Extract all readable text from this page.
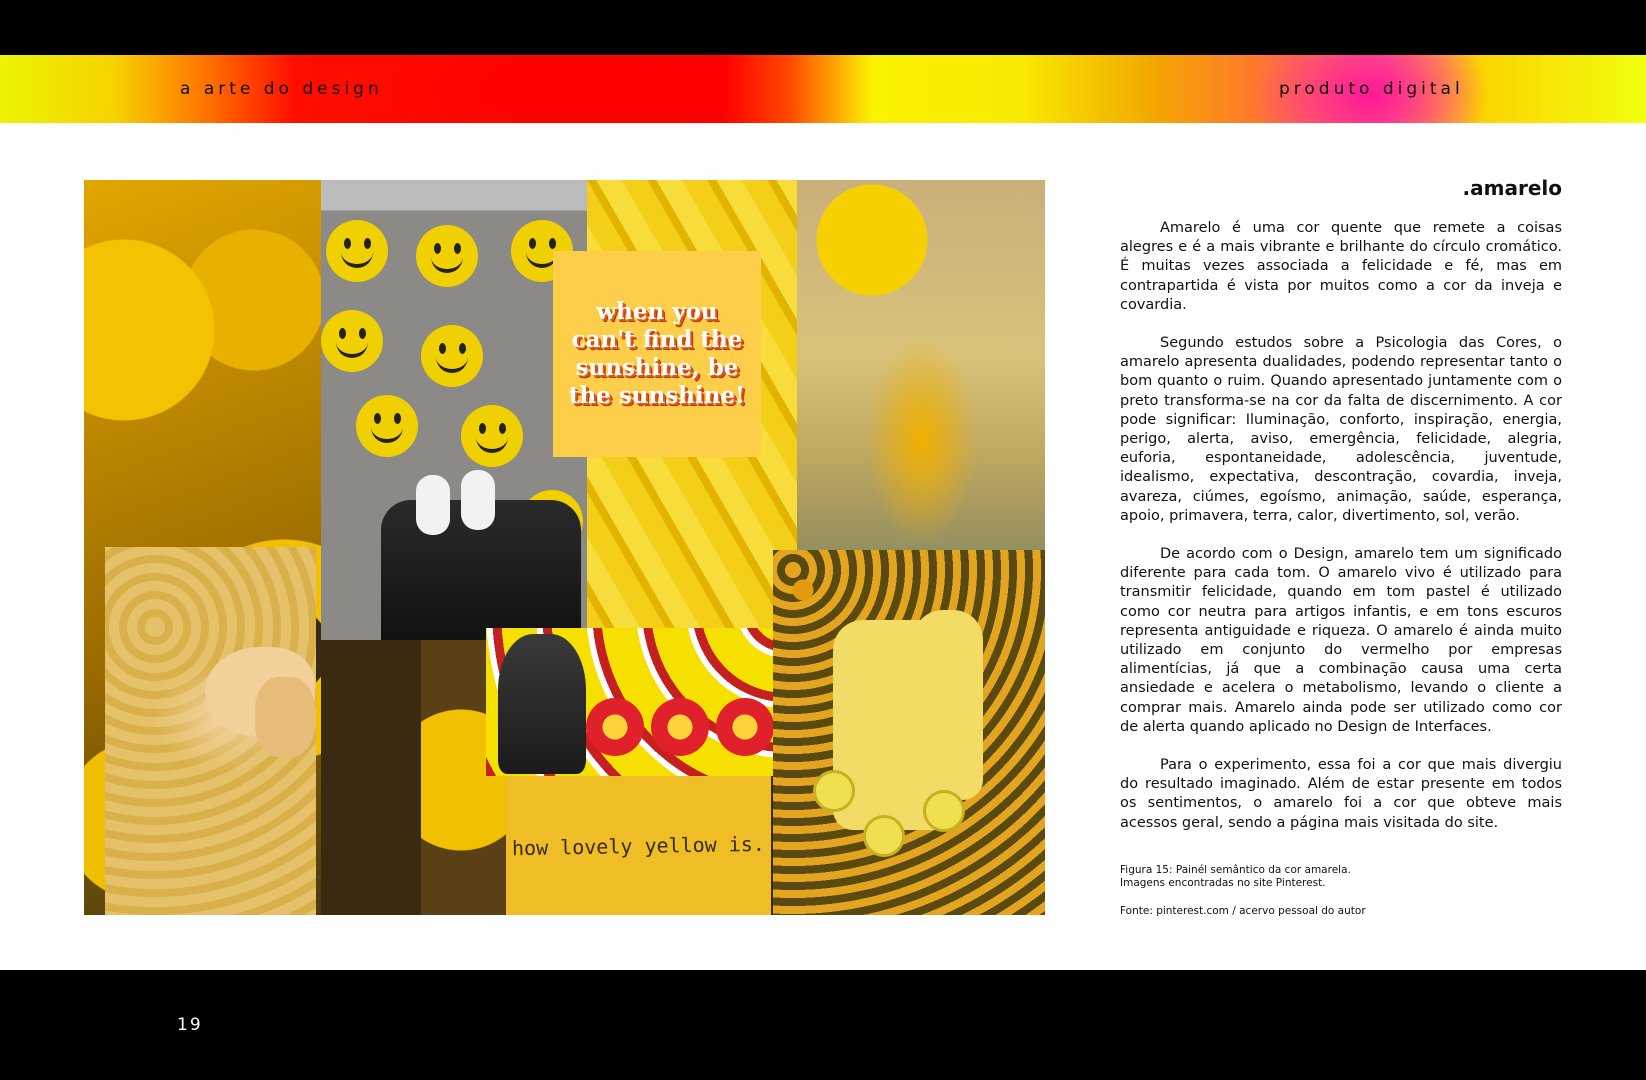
a arte do design	produto digital
when you can't find the sunshine, be the sunshine!
how lovely yellow is.
.amarelo

Amarelo é uma cor quente que remete a coisas alegres e é a mais vibrante e brilhante do círculo cromático. É muitas vezes associada a felicidade e fé, mas em contrapartida é vista por muitos como a cor da inveja e covardia.

Segundo estudos sobre a Psicologia das Cores, o amarelo apresenta dualidades, podendo representar tanto o bom quanto o ruim. Quando apresentado juntamente com o preto transforma-se na cor da falta de discernimento. A cor pode significar: Iluminação, conforto, inspiração, energia, perigo, alerta, aviso, emergência, felicidade, alegria, euforia, espontaneidade, adolescência, juventude, idealismo, expectativa, descontração, covardia, inveja, avareza, ciúmes, egoísmo, animação, saúde, esperança, apoio, primavera, terra, calor, divertimento, sol, verão.

De acordo com o Design, amarelo tem um significado diferente para cada tom. O amarelo vivo é utilizado para transmitir felicidade, quando em tom pastel é utilizado como cor neutra para artigos infantis, e em tons escuros representa antiguidade e riqueza. O amarelo é ainda muito utilizado em conjunto do vermelho por empresas alimentícias, já que a combinação causa uma certa ansiedade e acelera o metabolismo, levando o cliente a comprar mais. Amarelo ainda pode ser utilizado como cor de alerta quando aplicado no Design de Interfaces.

Para o experimento, essa foi a cor que mais divergiu do resultado imaginado. Além de estar presente em todos os sentimentos, o amarelo foi a cor que obteve mais acessos geral, sendo a página mais visitada do site.

Figura 15: Painél semântico da cor amarela.
Imagens encontradas no site Pinterest.
Fonte: pinterest.com / acervo pessoal do autor
19
